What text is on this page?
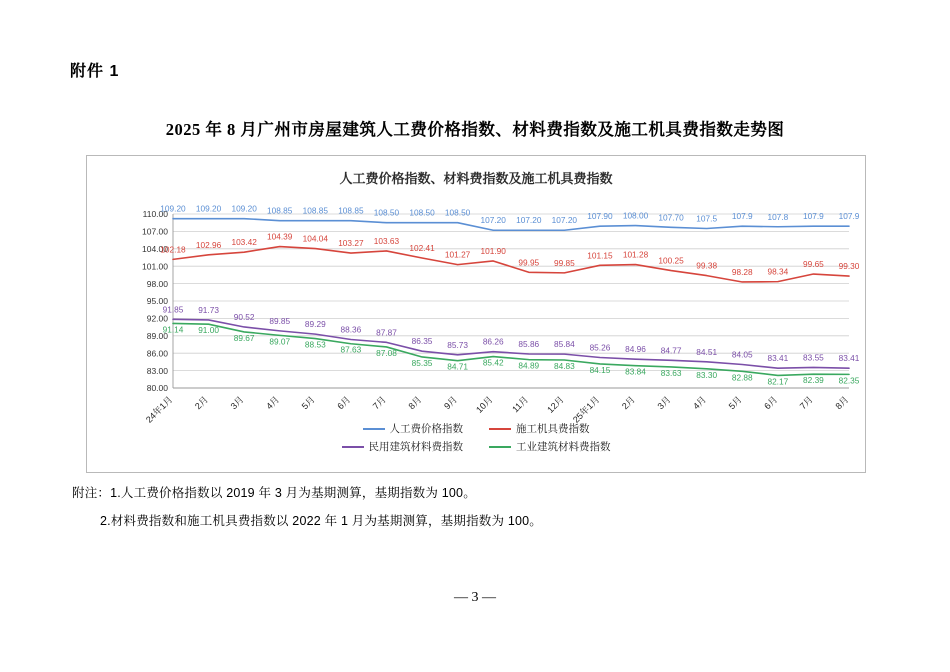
附件 1
2025 年 8 月广州市房屋建筑人工费价格指数、材料费指数及施工机具费指数走势图
人工费价格指数、材料费指数及施工机具费指数
80.00
83.00
86.00
89.00
92.00
95.00
98.00
101.00
104.00
107.00
110.00
24年1月 2月 3月 4月 5月 6月 7月 8月 9月 10月 11月 12月 25年1月 2月 3月 4月 5月 6月 7月 8月
109.20 109.20 109.20 108.85 108.85 108.85 108.50 108.50 108.50
107.20 107.20 107.20 107.90 108.00 107.70 107.5 107.9 107.8 107.9 107.9
102.18 102.96 103.42
104.39 104.04 103.27 103.63
102.41
101.27 101.90
99.95 99.85
101.15 101.28
100.25
99.38
98.28 98.34
99.65 99.30
91.85 91.73
90.52 89.85 89.29
88.36 87.87
86.35 85.73 86.26 85.86 85.84 85.26 84.96 84.77 84.51 84.05 83.41 83.55 83.41
91.14 91.00
89.67 89.07 88.53
87.63 87.08
85.35 84.71 85.42 84.89 84.83 84.15 83.84 83.63 83.30 82.88 82.17 82.39 82.35
人工费价格指数	施工机具费指数
民用建筑材料费指数	工业建筑材料费指数
附注：1.人工费价格指数以 2019 年 3 月为基期测算，基期指数为 100。
2.材料费指数和施工机具费指数以 2022 年 1 月为基期测算，基期指数为 100。
— 3 —
